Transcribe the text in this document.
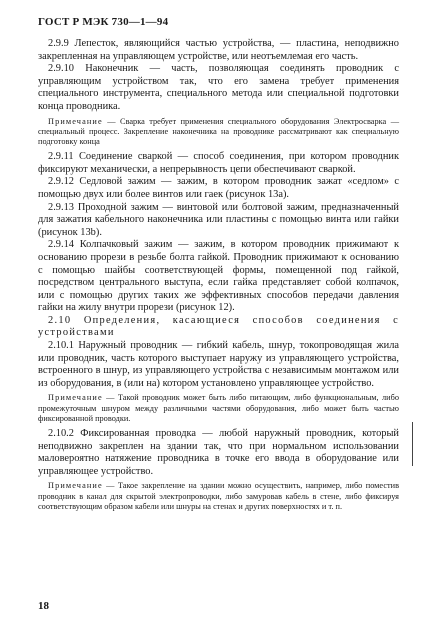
ГОСТ Р МЭК 730—1—94

2.9.9 Лепесток, являющийся частью устройства, — пластина, неподвижно закрепленная на управляющем устройстве, или неотъемлемая его часть.

2.9.10 Наконечник — часть, позволяющая соединять проводник с управляющим устройством так, что его замена требует применения специального инструмента, специального метода или специальной подготовки конца проводника.

Примечание — Сварка требует применения специального оборудования Электросварка — специальный процесс. Закрепление наконечника на проводнике рассматривают как специальную подготовку конца

2.9.11 Соединение сваркой — способ соединения, при котором проводник фиксируют механически, а непрерывность цепи обеспечивают сваркой.

2.9.12 Седловой зажим — зажим, в котором проводник зажат «седлом» с помощью двух или более винтов или гаек (рисунок 13а).

2.9.13 Проходной зажим — винтовой или болтовой зажим, предназначенный для зажатия кабельного наконечника или пластины с помощью винта или гайки (рисунок 13b).

2.9.14 Колпачковый зажим — зажим, в котором проводник прижимают к основанию прорези в резьбе болта гайкой. Проводник прижимают к основанию с помощью шайбы соответствующей формы, помещенной под гайкой, посредством центрального выступа, если гайка представляет собой колпачок, или с помощью других таких же эффективных способов передачи давления гайки на жилу внутри прорези (рисунок 12).

2.10 Определения, касающиеся способов соединения с устройствами

2.10.1 Наружный проводник — гибкий кабель, шнур, токопроводящая жила или проводник, часть которого выступает наружу из управляющего устройства, встроенного в шнур, из управляющего устройства с независимым монтажом или из оборудования, в (или на) котором установлено управляющее устройство.

Примечание — Такой проводник может быть либо питающим, либо функциональным, либо промежуточным шнуром между различными частями оборудования, либо может быть частью фиксированной проводки.

2.10.2 Фиксированная проводка — любой наружный проводник, который неподвижно закреплен на здании так, что при нормальном использовании маловероятно натяжение проводника в точке его ввода в оборудование или управляющее устройство.

Примечание — Такое закрепление на здании можно осуществить, например, либо поместив проводник в канал для скрытой электропроводки, либо замуровав кабель в стене, либо фиксируя соответствующим образом кабели или шнуры на стенах и других поверхностях и т. п.

18
